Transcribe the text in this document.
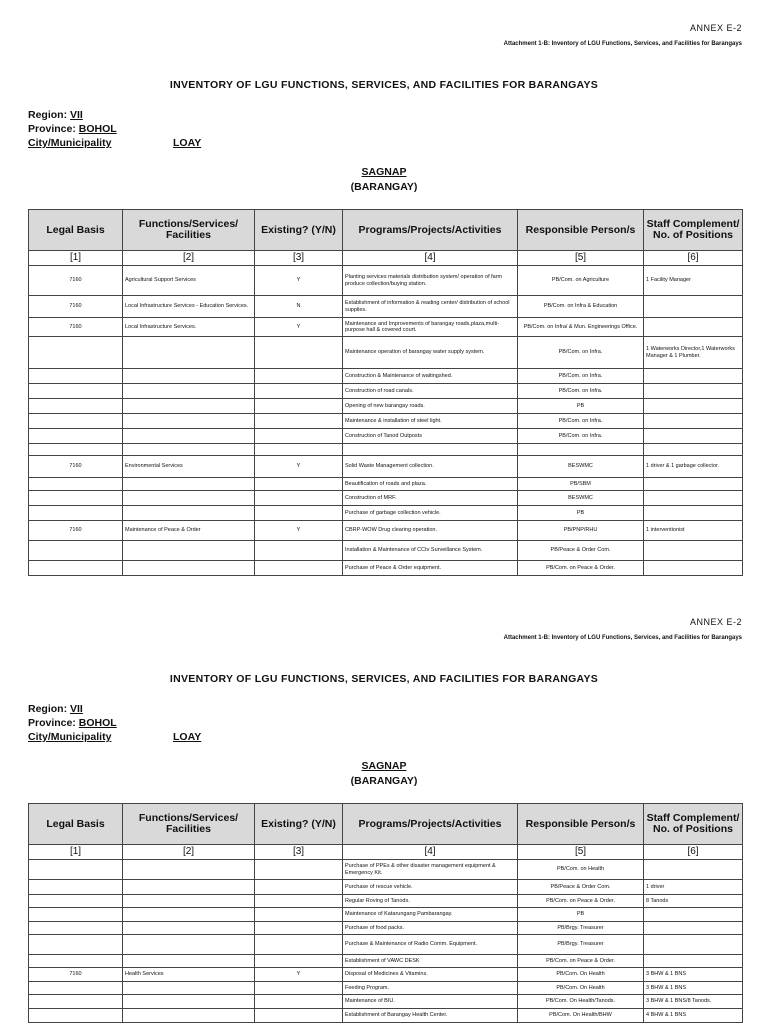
ANNEX E-2
Attachment 1-B: Inventory of LGU Functions, Services, and Facilities for Barangays
INVENTORY OF LGU FUNCTIONS, SERVICES, AND FACILITIES FOR BARANGAYS
Region: VII
Province: BOHOL
City/Municipality	LOAY
SAGNAP
(BARANGAY)
Legal Basis	Functions/Services/ Facilities	Existing? (Y/N)	Programs/Projects/Activities	Responsible Person/s	Staff Complement/ No. of Positions
[1]	[2]	[3]	[4]	[5]	[6]
7160	Agricultural Support Services	Y	Planting services materials distribution system/ operation of farm produce collection/buying station.	PB/Com. on Agriculture	1 Facility Manager
7160	Local Infrastructure Services - Education Services.	N	Establishment of information & reading center/ distribution of school supplies.	PB/Com. on Infra & Education	
7160	Local Infrastructure Services.	Y	Maintenance and Improvements of barangay roads,plaza,multi-purpose hall & covered court.	PB/Com. on Infra/ & Mun. Engineerings Office.	
			Maintenance operation of barangay water supply system.	PB/Com. on Infra.	1 Waterworks Director,1 Waterworks Manager & 1 Plumber.
			Construction & Maintenance of waitingshed.	PB/Com. on Infra.	
			Construction of road canals.	PB/Com. on Infra.	
			Opening of new barangay roads.	PB	
			Maintenance & installation of steel light.	PB/Com. on Infra.	
			Construction of Tanod Outposts	PB/Com. on Infra.	

7160	Environmental Services	Y	Solid Waste Management collection.	BESWMC	1 driver & 1 garbage collector.
			Beautification of roads and plaza.	PB/SBM	
			Construction of MRF.	BESWMC	
			Purchase of garbage collection vehicle.	PB	
7160	Maintenance of Peace & Order	Y	CBRP-WOW Drug clearing operation.	PB/PNP/RHU	1 interventionist
			Installation & Maintenance of CCtv Surveillance System.	PB/Peace & Order Com.	
			Purchase of Peace & Order equipment.	PB/Com. on Peace & Order.	
ANNEX E-2
Attachment 1-B: Inventory of LGU Functions, Services, and Facilities for Barangays
INVENTORY OF LGU FUNCTIONS, SERVICES, AND FACILITIES FOR BARANGAYS
Region: VII
Province: BOHOL
City/Municipality	LOAY
SAGNAP
(BARANGAY)
Legal Basis	Functions/Services/ Facilities	Existing? (Y/N)	Programs/Projects/Activities	Responsible Person/s	Staff Complement/ No. of Positions
[1]	[2]	[3]	[4]	[5]	[6]
			Purchase of PPEs & other disaster management equipment & Emergency Kit.	PB/Com. on Health	
			Purchase of rescue vehicle.	PB/Peace & Order Com.	1 driver
			Regular Roving of Tanods.	PB/Com. on Peace & Order.	8 Tanods
			Maintenance of Katarungang Pambarangay.	PB	
			Purchase of food packs.	PB/Brgy. Treasurer	
			Purchase & Maintenance of Radio Comm. Equipment.	PB/Brgy. Treasurer	
			Establishment of VAWC DESK	PB/Com. on Peace & Order.	
7160	Health Services	Y	Disposal of Medicines & Vitamins.	PB/Com. On Health	3 BHW & 1 BNS
			Feeding Program.	PB/Com. On Health	3 BHW & 1 BNS
			Maintenance of BIU.	PB/Com. On Health/Tanods.	3 BHW & 1 BNS/8 Tanods.
			Establishment of Barangay Health Center.	PB/Com. On Health/BHW	4 BHW & 1 BNS
